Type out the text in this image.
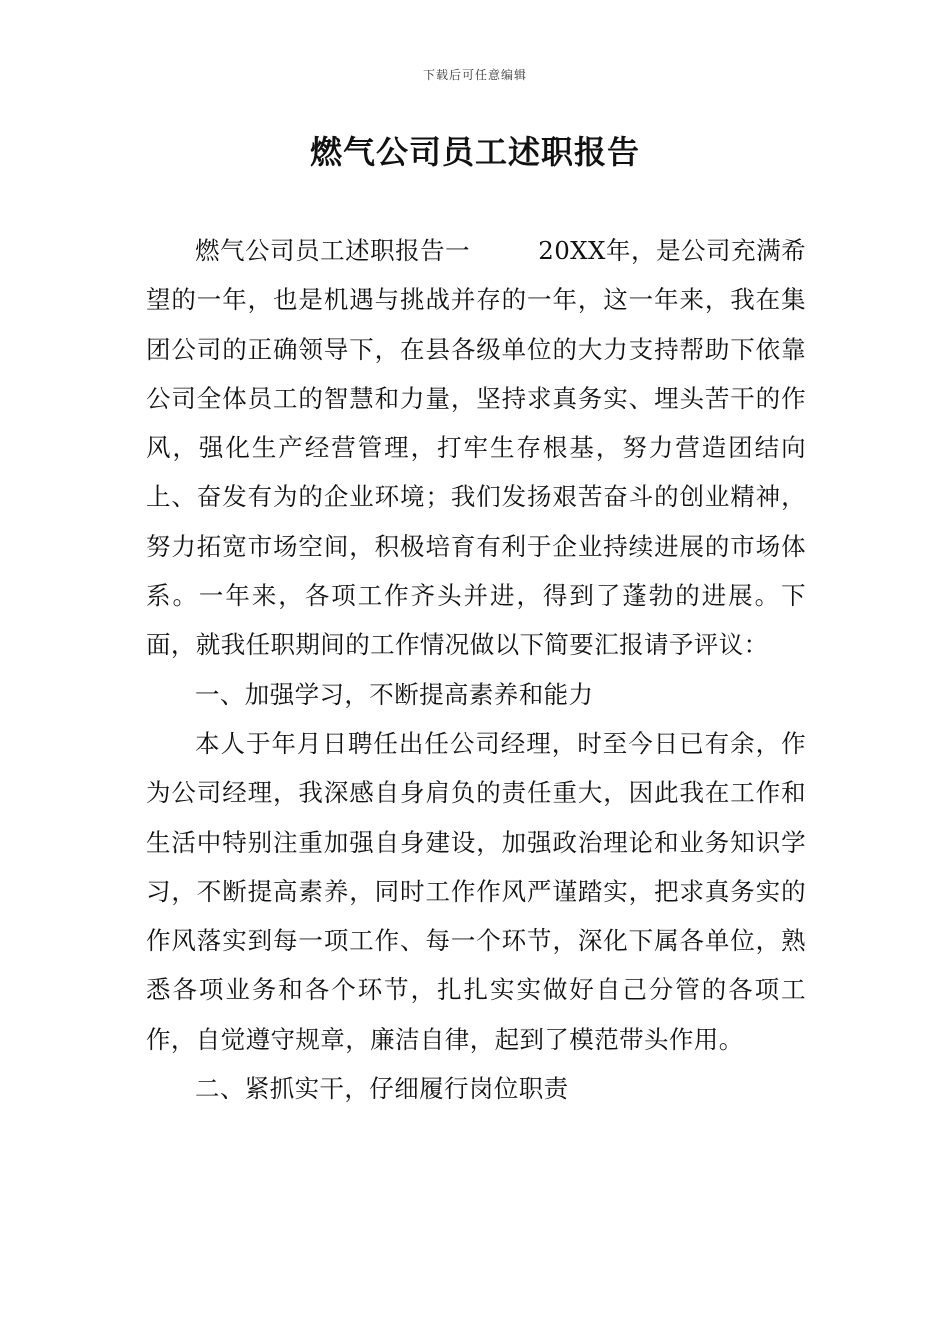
下载后可任意编辑
燃气公司员工述职报告

燃气公司员工述职报告一	20XX年，是公司充满希望的一年，也是机遇与挑战并存的一年，这一年来，我在集团公司的正确领导下，在县各级单位的大力支持帮助下依靠公司全体员工的智慧和力量，坚持求真务实、埋头苦干的作风，强化生产经营管理，打牢生存根基，努力营造团结向上、奋发有为的企业环境；我们发扬艰苦奋斗的创业精神，努力拓宽市场空间，积极培育有利于企业持续进展的市场体系。一年来，各项工作齐头并进，得到了蓬勃的进展。下面，就我任职期间的工作情况做以下简要汇报请予评议：

一、加强学习，不断提高素养和能力

本人于年月日聘任出任公司经理，时至今日已有余，作为公司经理，我深感自身肩负的责任重大，因此我在工作和生活中特别注重加强自身建设，加强政治理论和业务知识学习，不断提高素养，同时工作作风严谨踏实，把求真务实的作风落实到每一项工作、每一个环节，深化下属各单位，熟悉各项业务和各个环节，扎扎实实做好自己分管的各项工作，自觉遵守规章，廉洁自律，起到了模范带头作用。

二、紧抓实干，仔细履行岗位职责
